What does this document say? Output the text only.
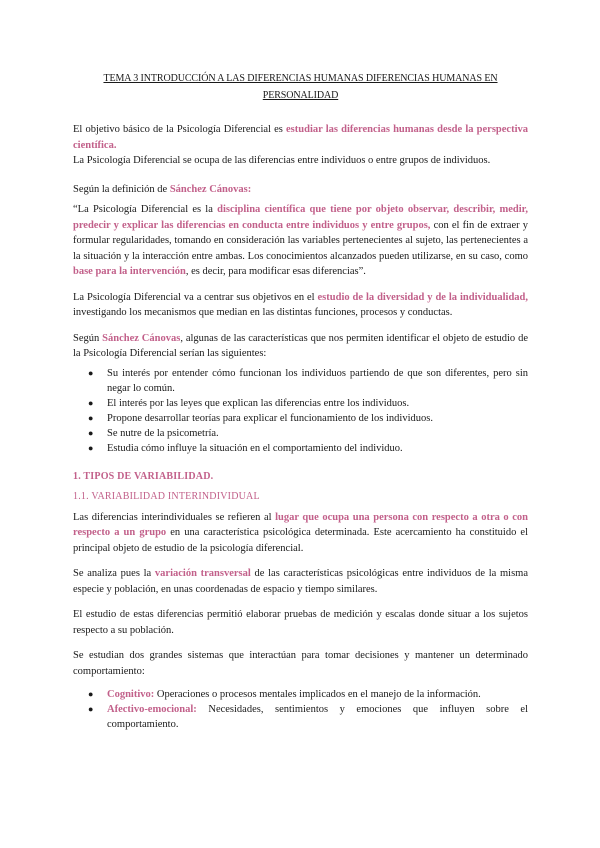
TEMA 3 INTRODUCCIÓN A LAS DIFERENCIAS HUMANAS DIFERENCIAS HUMANAS EN PERSONALIDAD

El objetivo básico de la Psicología Diferencial es estudiar las diferencias humanas desde la perspectiva científica.
La Psicología Diferencial se ocupa de las diferencias entre individuos o entre grupos de individuos.

Según la definición de Sánchez Cánovas:

“La Psicología Diferencial es la disciplina científica que tiene por objeto observar, describir, medir, predecir y explicar las diferencias en conducta entre individuos y entre grupos, con el fin de extraer y formular regularidades, tomando en consideración las variables pertenecientes al sujeto, las pertenecientes a la situación y la interacción entre ambas. Los conocimientos alcanzados pueden utilizarse, en su caso, como base para la intervención, es decir, para modificar esas diferencias”.

La Psicología Diferencial va a centrar sus objetivos en el estudio de la diversidad y de la individualidad, investigando los mecanismos que median en las distintas funciones, procesos y conductas.

Según Sánchez Cánovas, algunas de las características que nos permiten identificar el objeto de estudio de la Psicología Diferencial serían las siguientes:

● Su interés por entender cómo funcionan los individuos partiendo de que son diferentes, pero sin negar lo común.
● El interés por las leyes que explican las diferencias entre los individuos.
● Propone desarrollar teorías para explicar el funcionamiento de los individuos.
● Se nutre de la psicometría.
● Estudia cómo influye la situación en el comportamiento del individuo.

1. TIPOS DE VARIABILIDAD.

1.1. VARIABILIDAD INTERINDIVIDUAL

Las diferencias interindividuales se refieren al lugar que ocupa una persona con respecto a otra o con respecto a un grupo en una característica psicológica determinada. Este acercamiento ha constituido el principal objeto de estudio de la psicología diferencial.

Se analiza pues la variación transversal de las características psicológicas entre individuos de la misma especie y población, en unas coordenadas de espacio y tiempo similares.

El estudio de estas diferencias permitió elaborar pruebas de medición y escalas donde situar a los sujetos respecto a su población.

Se estudian dos grandes sistemas que interactúan para tomar decisiones y mantener un determinado comportamiento:

● Cognitivo: Operaciones o procesos mentales implicados en el manejo de la información.
● Afectivo-emocional: Necesidades, sentimientos y emociones que influyen sobre el comportamiento.
